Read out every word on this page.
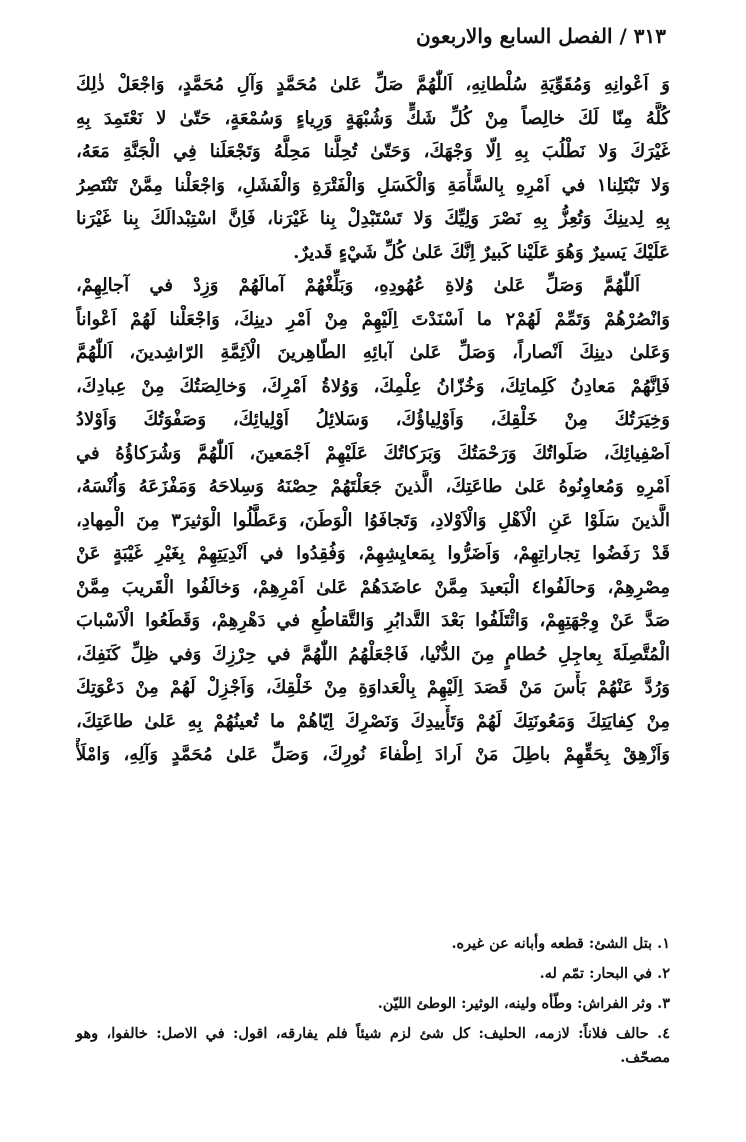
٣١٣ / الفصل السابع والاربعون
وَ اَعْوانِهِ وَمُقَوِّيَةِ سُلْطانِهِ، اَللّٰهُمَّ صَلِّ عَلىٰ مُحَمَّدٍ وَآلِ مُحَمَّدٍ، وَاجْعَلْ ذٰلِكَ
كُلَّهُ مِنّا لَكَ خالِصاً مِنْ كُلِّ شَكٍّ وَشُبْهَةٍ وَرِياءٍ وَسُمْعَةٍ، حَتّىٰ لا نَعْتَمِدَ بِهِ
غَيْرَكَ وَلا نَطْلُبَ بِهِ اِلّا وَجْهَكَ، وَحَتّىٰ تُحِلَّنا مَحِلَّهُ وَتَجْعَلَنا فِي الْجَنَّةِ مَعَهُ،
وَلا تَبْتَلِنا١ في اَمْرِهِ بِالسَّأْمَةِ وَالْكَسَلِ وَالْفَتْرَةِ وَالْفَشَلِ، وَاجْعَلْنا مِمَّنْ تَنْتَصِرُ
بِهِ لِدينِكَ وَتُعِزُّ بِهِ نَصْرَ وَلِيِّكَ وَلا تَسْتَبْدِلْ بِنا غَيْرَنا، فَاِنَّ اسْتِبْدالَكَ بِنا غَيْرَنا
عَلَيْكَ يَسيرٌ وَهُوَ عَلَيْنا كَبيرٌ اِنَّكَ عَلىٰ كُلِّ شَيْءٍ قَديرٌ.
اَللّٰهُمَّ وَصَلِّ عَلىٰ وُلاةِ عُهُودِهِ، وَبَلِّغْهُمْ آمالَهُمْ وَزِدْ في آجالِهِمْ،
وَانْصُرْهُمْ وَتَمِّمْ لَهُمْ٢ ما اَسْنَدْتَ اِلَيْهِمْ مِنْ اَمْرِ دينِكَ، وَاجْعَلْنا لَهُمْ اَعْواناً
وَعَلىٰ دينِكَ اَنْصاراً، وَصَلِّ عَلىٰ آبائِهِ الطّاهِرينَ الْاَئِمَّةِ الرّاشِدينَ، اَللّٰهُمَّ
فَاِنَّهُمْ مَعادِنُ كَلِماتِكَ، وَخُزّانُ عِلْمِكَ، وَوُلاةُ اَمْرِكَ، وَخالِصَتُكَ مِنْ عِبادِكَ،
وَخِيَرَتُكَ مِنْ خَلْقِكَ، وَاَوْلِياؤُكَ، وَسَلائِلُ اَوْلِيائِكَ، وَصَفْوَتُكَ وَاَوْلادُ
اَصْفِيائِكَ، صَلَواتُكَ وَرَحْمَتُكَ وَبَرَكاتُكَ عَلَيْهِمْ اَجْمَعينَ، اَللّٰهُمَّ وَشُرَكاؤُهُ في
اَمْرِهِ وَمُعاوِنُوهُ عَلىٰ طاعَتِكَ، الَّذينَ جَعَلْتَهُمْ حِصْنَهُ وَسِلاحَهُ وَمَفْزَعَهُ وَاُنْسَهُ،
الَّذينَ سَلَوْا عَنِ الْاَهْلِ وَالْاَوْلادِ، وَتَجافَوُا الْوَطَنَ، وَعَطَّلُوا الْوَثيرَ٣ مِنَ الْمِهادِ،
قَدْ رَفَضُوا تِجاراتِهِمْ، وَاَضَرُّوا بِمَعايِشِهِمْ، وَفُقِدُوا في اَنْدِيَتِهِمْ بِغَيْرِ غَيْبَةٍ عَنْ
مِصْرِهِمْ، وَحالَفُوا٤ الْبَعيدَ مِمَّنْ عاضَدَهُمْ عَلىٰ اَمْرِهِمْ، وَخالَفُوا الْقَريبَ مِمَّنْ
صَدَّ عَنْ وِجْهَتِهِمْ، وَائْتَلَفُوا بَعْدَ التَّدابُرِ وَالتَّقاطُعِ في دَهْرِهِمْ، وَقَطَعُوا الْاَسْبابَ
الْمُتَّصِلَةَ بِعاجِلِ حُطامٍ مِنَ الدُّنْيا، فَاجْعَلْهُمُ اللّٰهُمَّ في حِرْزِكَ وَفي ظِلِّ كَنَفِكَ،
وَرُدَّ عَنْهُمْ بَأْسَ مَنْ قَصَدَ اِلَيْهِمْ بِالْعَداوَةِ مِنْ خَلْقِكَ، وَاَجْزِلْ لَهُمْ مِنْ دَعْوَتِكَ
مِنْ كِفايَتِكَ وَمَعُونَتِكَ لَهُمْ وَتَأْييدِكَ وَنَصْرِكَ اِيّاهُمْ ما تُعينُهُمْ بِهِ عَلىٰ طاعَتِكَ،
وَاَزْهِقْ بِحَقِّهِمْ باطِلَ مَنْ اَرادَ اِطْفاءَ نُورِكَ، وَصَلِّ عَلىٰ مُحَمَّدٍ وَآلِهِ، وَامْلَأْ
١. بتل الشئ: قطعه وأبانه عن غيره.
٢. في البحار: تمّم له.
٣. وثر الفراش: وطّأه ولينه، الوثير: الوطئ الليّن.
٤. حالف فلاناً: لازمه، الحليف: كل شئ لزم شيئاً فلم يفارقه، اقول: في الاصل: خالفوا، وهو مصحّف.
